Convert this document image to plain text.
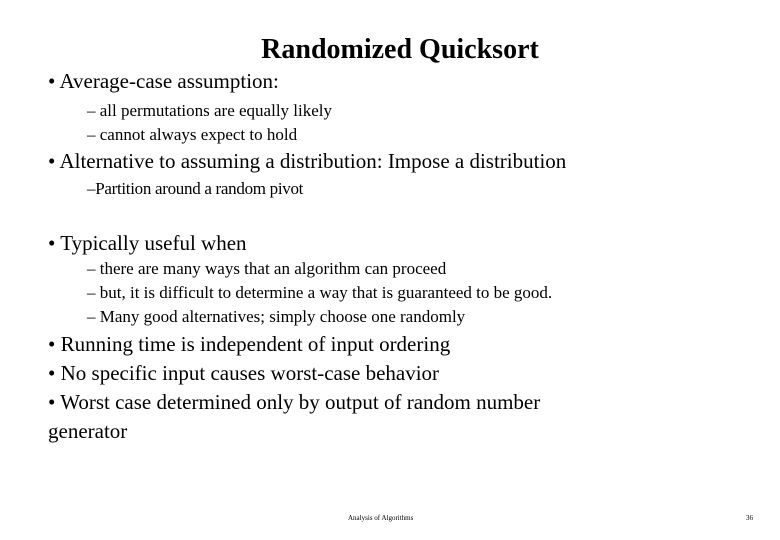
Randomized Quicksort
• Average-case assumption:
– all permutations are equally likely
– cannot always expect to hold
• Alternative to assuming a distribution: Impose a distribution
–Partition around a random pivot
• Typically useful when
– there are many ways that an algorithm can proceed
– but, it is difficult to determine a way that is guaranteed to be good.
– Many good alternatives; simply choose one randomly
• Running time is independent of input ordering
• No specific input causes worst-case behavior
• Worst case determined only by output of random number
generator
Analysis of Algorithms	36
